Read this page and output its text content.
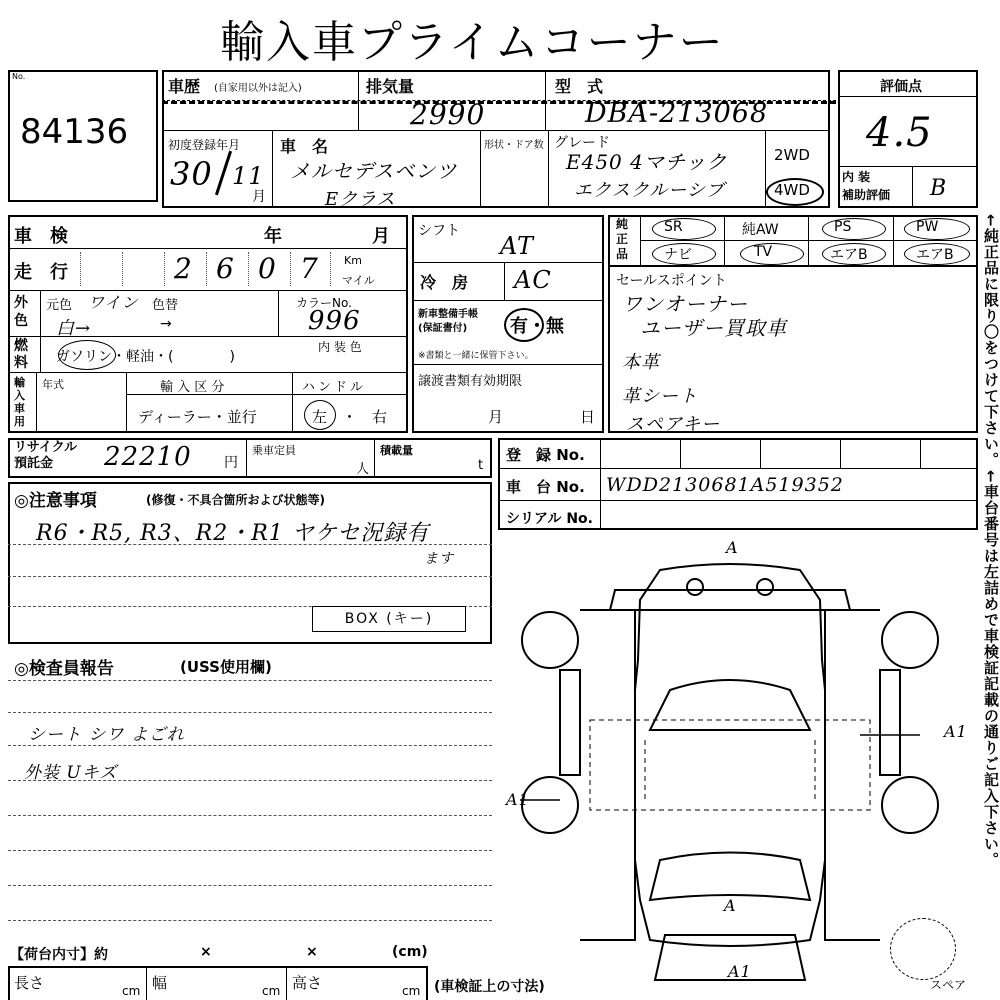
輸入車プライムコーナー
No.
84136
車歴 (自家用以外は記入)	排気量
2990
型　式
DBA-213068
初度登録年月
30 11
月
車　名
メルセデスベンツ
Eクラス
形状・ドア数 グレード
E450 4マチック
エクスクルーシブ
2WD
4WD
評価点
4.5
内 装
補助評価 B
車　検	年	月
走　行	2 6 0 7 Km
マイル
外
色
元色 ワイン 色替
白→	→
カラーNo.
996
燃
料 ガソリン・軽油・(　　　　)
内 装 色
輸
入
車
用
年式	輸 入 区 分
ディーラー・並行
ハンドル
左　・　右
シフト
AT
冷　房 AC
新車整備手帳
(保証書付)	有・無
※書類と一緒に保管下さい。
譲渡書類有効期限
月	日
純
正
品
SR	純AW	PS	PW
ナビ	TV	エアB	エアB
セールスポイント
ワンオーナー
ユーザー買取車
本革
革シート
スペアキー
リサイクル
預託金	22210 円
乗車定員
人
積載量
t
登　録 No.
車　台 No. WDD2130681A519352
シリアル No.
◎注意事項	(修復・不具合箇所および状態等)
R6・R5, R3、R2・R1 ヤケセ況録有
ます
BOX (キー)
◎検査員報告	(USS使用欄)
シート シワ よごれ
外装 Uキズ
A
A1
A
A1
A1
スペア
【荷台内寸】約	×	×	(cm)
長さ	cm 幅	cm 高さ	cm (車検証上の寸法)
←純正品に限り〇をつけて下さい。
←車台番号は左詰めで車検証記載の通りご記入下さい。
